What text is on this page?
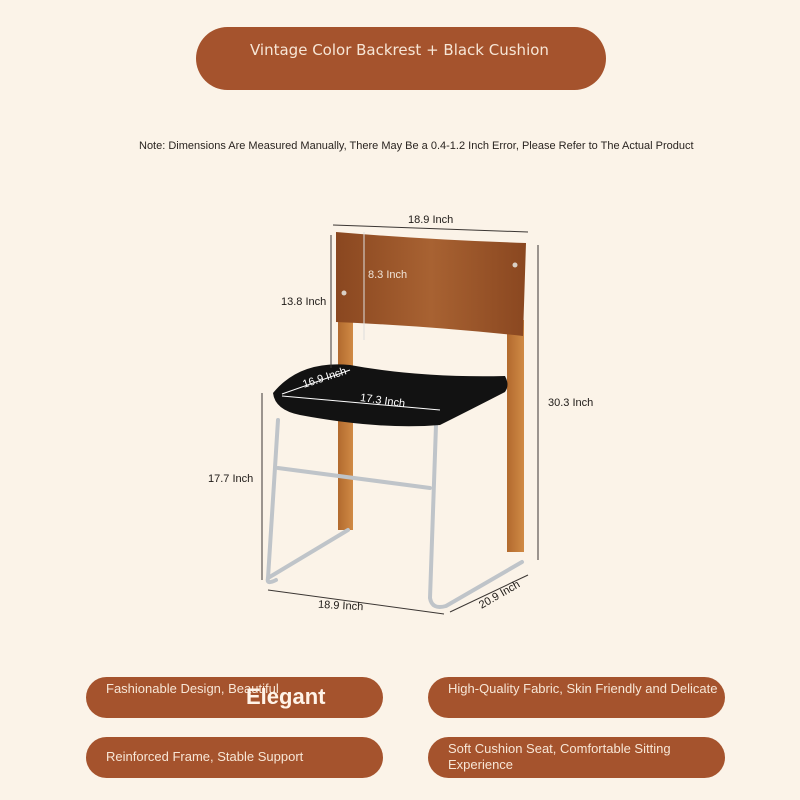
Vintage Color Backrest + Black Cushion
Note: Dimensions Are Measured Manually, There May Be a 0.4-1.2 Inch Error, Please Refer to The Actual Product
18.9 Inch
8.3 Inch
13.8 Inch
16.9 Inch
17.3 Inch	30.3 Inch
17.7 Inch
18.9 Inch	20.9 Inch
Fashionable Design, Beautiful
Elegant	High-Quality Fabric, Skin Friendly and Delicate
Reinforced Frame, Stable Support
Soft Cushion Seat, Comfortable Sitting Experience
